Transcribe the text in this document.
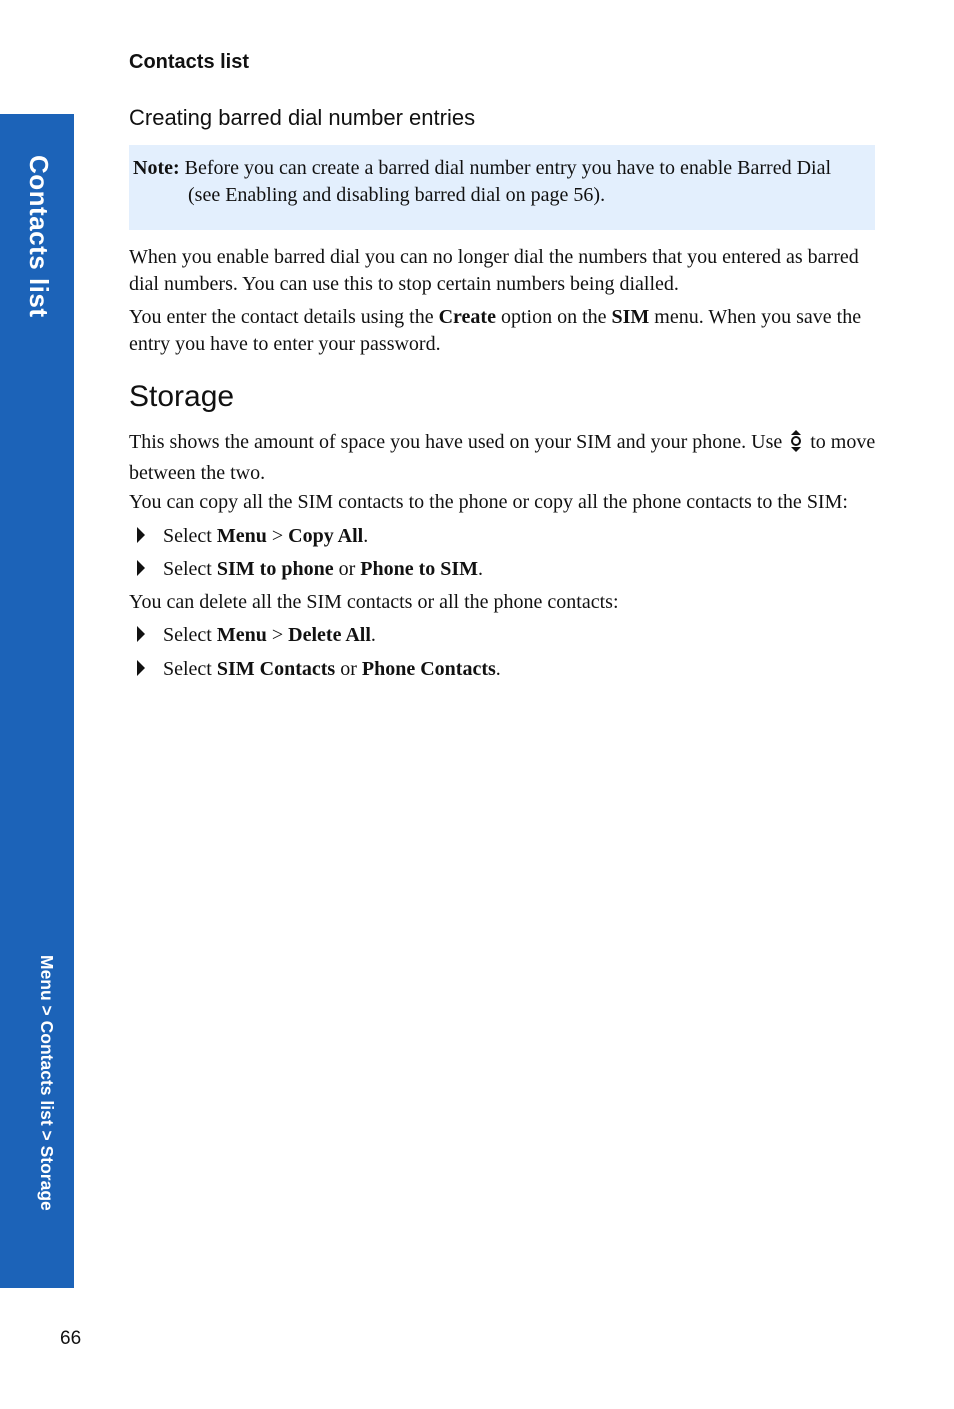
Contacts list
Menu > Contacts list > Storage
Contacts list
Creating barred dial number entries
Note: Before you can create a barred dial number entry you have to enable Barred Dial
(see Enabling and disabling barred dial on page 56).
When you enable barred dial you can no longer dial the numbers that you entered as barred dial numbers. You can use this to stop certain numbers being dialled.
You enter the contact details using the Create option on the SIM menu. When you save the entry you have to enter your password.
Storage
This shows the amount of space you have used on your SIM and your phone. Use  to move between the two.
You can copy all the SIM contacts to the phone or copy all the phone contacts to the SIM:
Select Menu > Copy All.
Select SIM to phone or Phone to SIM.
You can delete all the SIM contacts or all the phone contacts:
Select Menu > Delete All.
Select SIM Contacts or Phone Contacts.
66
